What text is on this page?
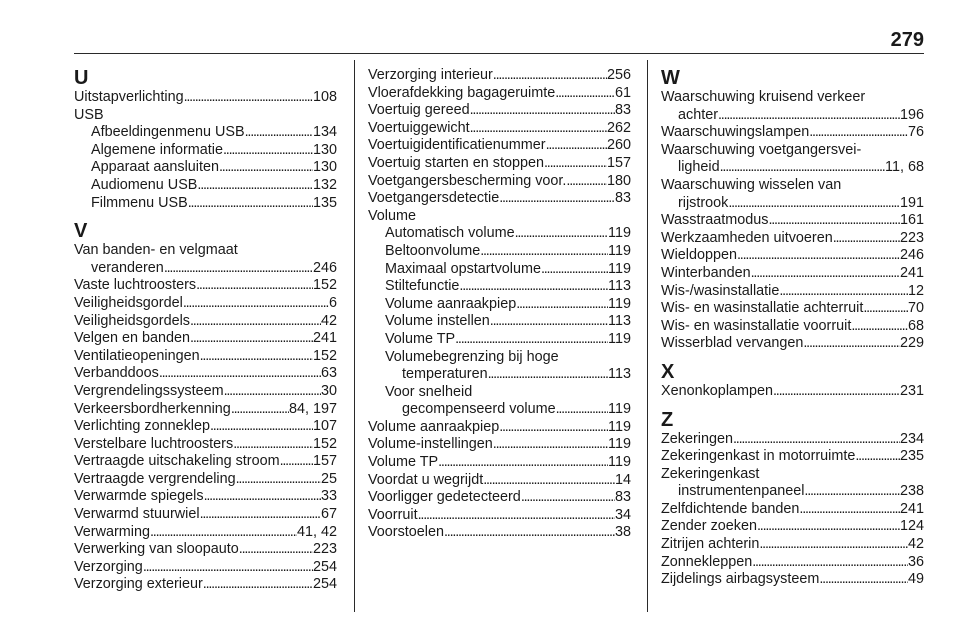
279
U
Uitstapverlichting . . .	108
USB
Afbeeldingenmenu USB . . .	134
Algemene informatie . . .	130
Apparaat aansluiten . . .	130
Audiomenu USB . . .	132
Filmmenu USB . . .	135
V
Van banden- en velgmaat
veranderen . . .	246
Vaste luchtroosters . . .	152
Veiligheidsgordel . . .	6
Veiligheidsgordels . . .	42
Velgen en banden . . .	241
Ventilatieopeningen . . .	152
Verbanddoos . . .	63
Vergrendelingssysteem . . .	30
Verkeersbordherkenning . . .	84, 197
Verlichting zonneklep . . .	107
Verstelbare luchtroosters . . .	152
Vertraagde uitschakeling stroom . . . 157
Vertraagde vergrendeling . . .	25
Verwarmde spiegels . . .	33
Verwarmd stuurwiel . . .	67
Verwarming . . .	41, 42
Verwerking van sloopauto . . .	223
Verzorging . . .	254
Verzorging exterieur . . .	254
Verzorging interieur . . .	256
Vloerafdekking bagageruimte . . .	61
Voertuig gereed . . .	83
Voertuiggewicht . . .	262
Voertuigidentificatienummer . . .	260
Voertuig starten en stoppen . . .	157
Voetgangersbescherming voor. . . .	180
Voetgangersdetectie . . .	83
Volume
Automatisch volume . . .	119
Beltoonvolume . . .	119
Maximaal opstartvolume . . .	119
Stiltefunctie . . .	113
Volume aanraakpiep . . .	119
Volume instellen . . .	113
Volume TP . . .	119
Volumebegrenzing bij hoge
temperaturen . . .	113
Voor snelheid
gecompenseerd volume . . .	119
Volume aanraakpiep . . .	119
Volume-instellingen . . .	119
Volume TP . . .	119
Voordat u wegrijdt . . .	14
Voorligger gedetecteerd . . .	83
Voorruit . . .	34
Voorstoelen . . .	38
W
Waarschuwing kruisend verkeer
achter . . .	196
Waarschuwingslampen . . .	76
Waarschuwing voetgangersvei-
ligheid . . .	11, 68
Waarschuwing wisselen van
rijstrook . . .	191
Wasstraatmodus . . .	161
Werkzaamheden uitvoeren . . .	223
Wieldoppen . . .	246
Winterbanden . . .	241
Wis-/wasinstallatie . . .	12
Wis- en wasinstallatie achterruit . . .	70
Wis- en wasinstallatie voorruit . . .	68
Wisserblad vervangen . . .	229
X
Xenonkoplampen . . .	231
Z
Zekeringen . . .	234
Zekeringenkast in motorruimte . . .	235
Zekeringenkast
instrumentenpaneel . . .	238
Zelfdichtende banden . . .	241
Zender zoeken . . .	124
Zitrijen achterin . . .	42
Zonnekleppen . . .	36
Zijdelings airbagsysteem . . .	49
